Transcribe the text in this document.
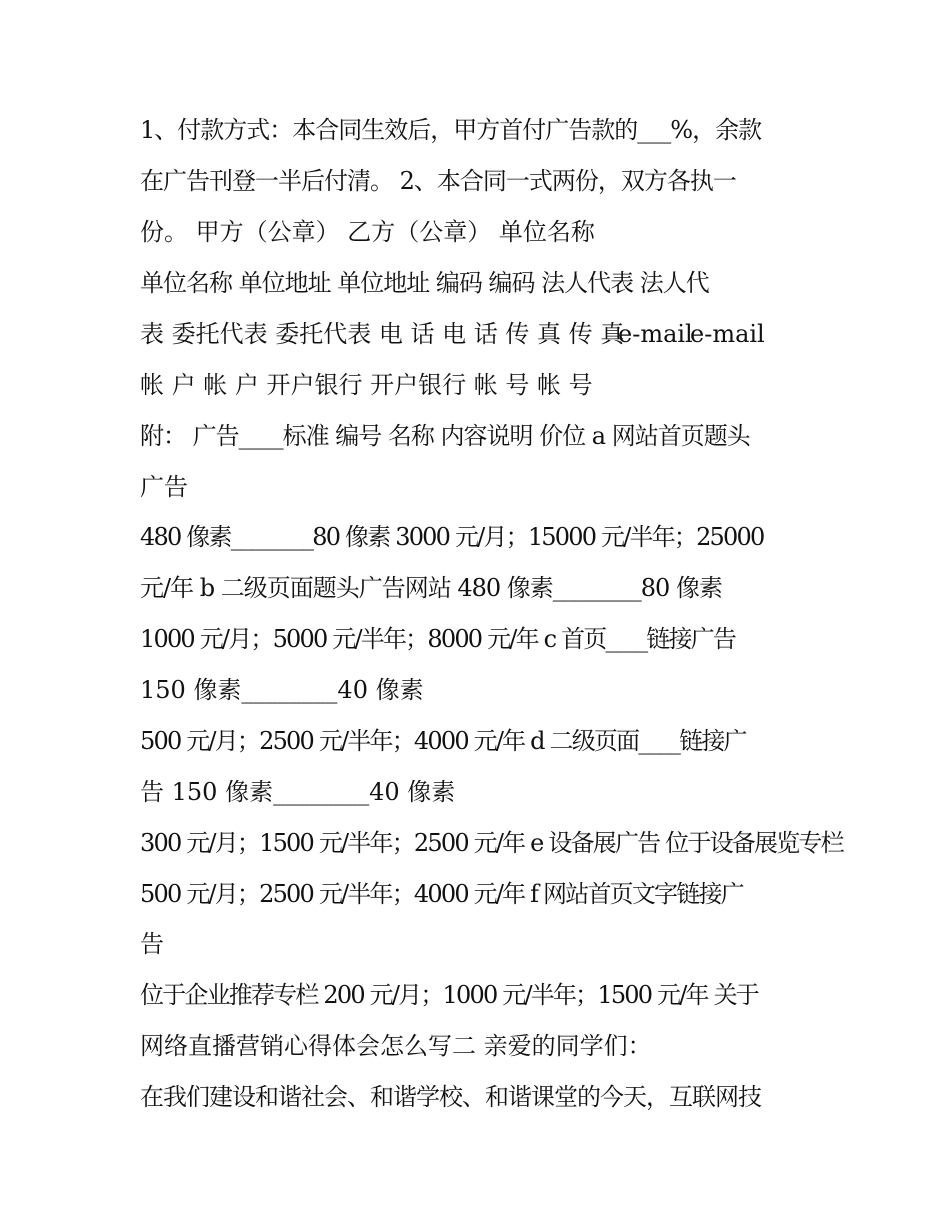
1、付款方式：本合同生效后，甲方首付广告款的___%，余款
在广告刊登一半后付清。 2、本合同一式两份，双方各执一
份。 甲方（公章） 乙方（公章） 单位名称
单位名称 单位地址 单位地址 编码 编码 法人代表 法人代
表 委托代表 委托代表 电 话 电 话 传 真 传 真
e-mail
e-mail
帐 户 帐 户 开户银行 开户银行 帐 号 帐 号
附： 广告____标准 编号 名称 内容说明 价位 a 网站首页题头
广告
480 像素________80 像素 3000 元/月；15000 元/半年；25000
元/年 b 二级页面题头广告网站 480 像素________80 像素
1000 元/月；5000 元/半年；8000 元/年 c 首页____链接广告
150 像素________40 像素
500 元/月；2500 元/半年；4000 元/年 d 二级页面____链接广
告 150 像素________40 像素
300 元/月；1500 元/半年；2500 元/年 e 设备展广告 位于设备展览专栏
500 元/月；2500 元/半年；4000 元/年 f 网站首页文字链接广
告
位于企业推荐专栏 200 元/月；1000 元/半年；1500 元/年 关于
网络直播营销心得体会怎么写二 亲爱的同学们：
在我们建设和谐社会、和谐学校、和谐课堂的今天，互联网技
